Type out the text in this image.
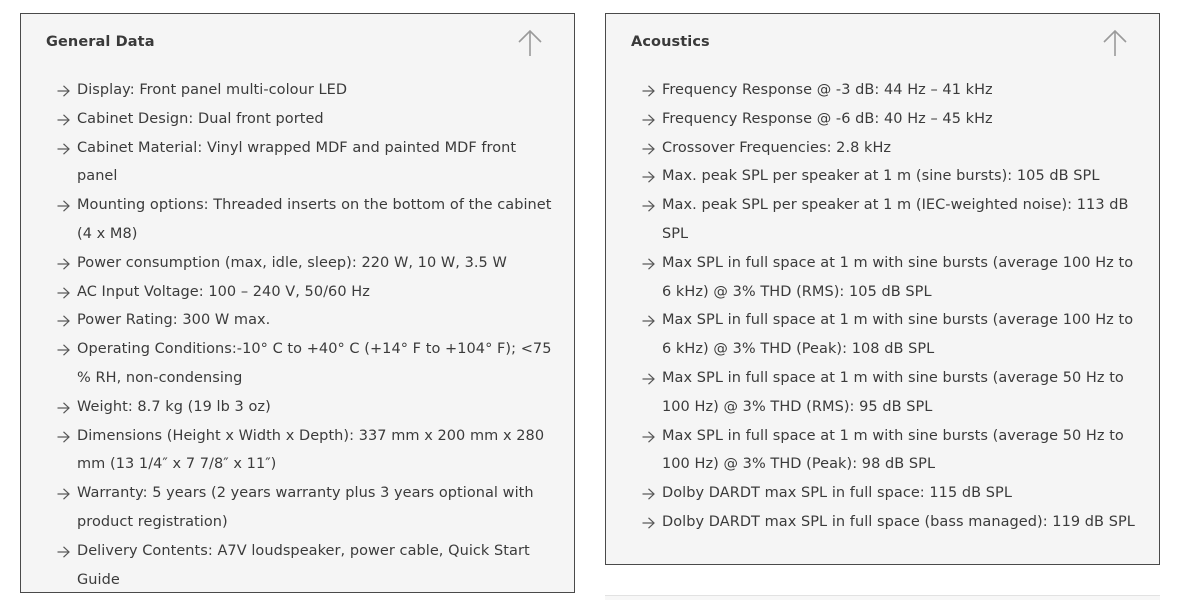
General Data
Display: Front panel multi-colour LED
Cabinet Design: Dual front ported
Cabinet Material: Vinyl wrapped MDF and painted MDF front panel
Mounting options: Threaded inserts on the bottom of the cabinet (4 x M8)
Power consumption (max, idle, sleep): 220 W, 10 W, 3.5 W
AC Input Voltage: 100 – 240 V, 50/60 Hz
Power Rating: 300 W max.
Operating Conditions:-10° C to +40° C (+14° F to +104° F); <75 % RH, non-condensing
Weight: 8.7 kg (19 lb 3 oz)
Dimensions (Height x Width x Depth): 337 mm x 200 mm x 280 mm (13 1/4″ x 7 7/8″ x 11″)
Warranty: 5 years (2 years warranty plus 3 years optional with product registration)
Delivery Contents: A7V loudspeaker, power cable, Quick Start Guide
Acoustics
Frequency Response @ -3 dB: 44 Hz – 41 kHz
Frequency Response @ -6 dB: 40 Hz – 45 kHz
Crossover Frequencies: 2.8 kHz
Max. peak SPL per speaker at 1 m (sine bursts): 105 dB SPL
Max. peak SPL per speaker at 1 m (IEC-weighted noise): 113 dB SPL
Max SPL in full space at 1 m with sine bursts (average 100 Hz to 6 kHz) @ 3% THD (RMS): 105 dB SPL
Max SPL in full space at 1 m with sine bursts (average 100 Hz to 6 kHz) @ 3% THD (Peak): 108 dB SPL
Max SPL in full space at 1 m with sine bursts (average 50 Hz to 100 Hz) @ 3% THD (RMS): 95 dB SPL
Max SPL in full space at 1 m with sine bursts (average 50 Hz to 100 Hz) @ 3% THD (Peak): 98 dB SPL
Dolby DARDT max SPL in full space: 115 dB SPL
Dolby DARDT max SPL in full space (bass managed): 119 dB SPL
